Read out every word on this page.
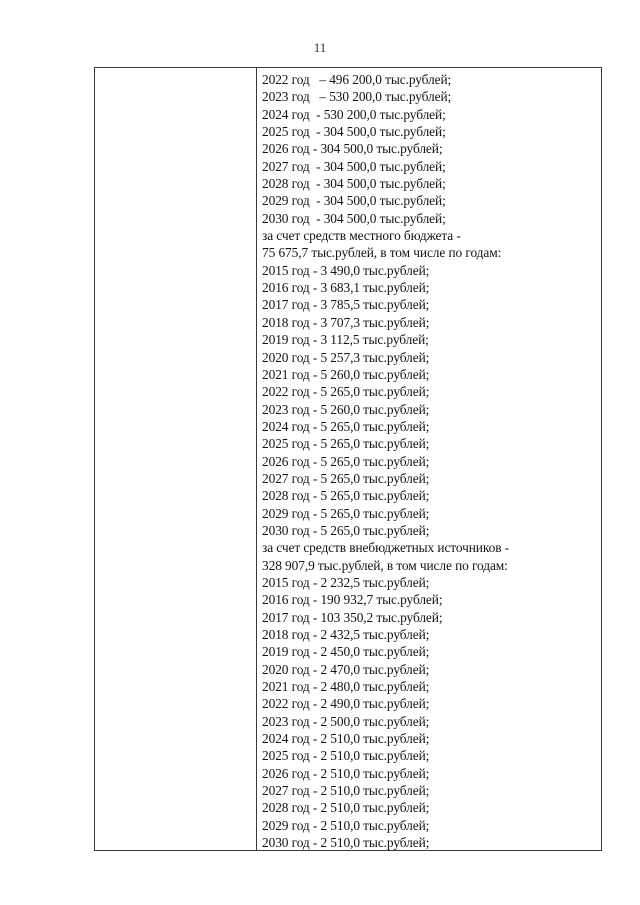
11
2022 год   – 496 200,0 тыс.рублей;
2023 год   – 530 200,0 тыс.рублей;
2024 год  - 530 200,0 тыс.рублей;
2025 год  - 304 500,0 тыс.рублей;
2026 год - 304 500,0 тыс.рублей;
2027 год  - 304 500,0 тыс.рублей;
2028 год  - 304 500,0 тыс.рублей;
2029 год  - 304 500,0 тыс.рублей;
2030 год  - 304 500,0 тыс.рублей;
за счет средств местного бюджета -
75 675,7 тыс.рублей, в том числе по годам:
2015 год - 3 490,0 тыс.рублей;
2016 год - 3 683,1 тыс.рублей;
2017 год - 3 785,5 тыс.рублей;
2018 год - 3 707,3 тыс.рублей;
2019 год - 3 112,5 тыс.рублей;
2020 год - 5 257,3 тыс.рублей;
2021 год - 5 260,0 тыс.рублей;
2022 год - 5 265,0 тыс.рублей;
2023 год - 5 260,0 тыс.рублей;
2024 год - 5 265,0 тыс.рублей;
2025 год - 5 265,0 тыс.рублей;
2026 год - 5 265,0 тыс.рублей;
2027 год - 5 265,0 тыс.рублей;
2028 год - 5 265,0 тыс.рублей;
2029 год - 5 265,0 тыс.рублей;
2030 год - 5 265,0 тыс.рублей;
за счет средств внебюджетных источников -
328 907,9 тыс.рублей, в том числе по годам:
2015 год - 2 232,5 тыс.рублей;
2016 год - 190 932,7 тыс.рублей;
2017 год - 103 350,2 тыс.рублей;
2018 год - 2 432,5 тыс.рублей;
2019 год - 2 450,0 тыс.рублей;
2020 год - 2 470,0 тыс.рублей;
2021 год - 2 480,0 тыс.рублей;
2022 год - 2 490,0 тыс.рублей;
2023 год - 2 500,0 тыс.рублей;
2024 год - 2 510,0 тыс.рублей;
2025 год - 2 510,0 тыс.рублей;
2026 год - 2 510,0 тыс.рублей;
2027 год - 2 510,0 тыс.рублей;
2028 год - 2 510,0 тыс.рублей;
2029 год - 2 510,0 тыс.рублей;
2030 год - 2 510,0 тыс.рублей;
